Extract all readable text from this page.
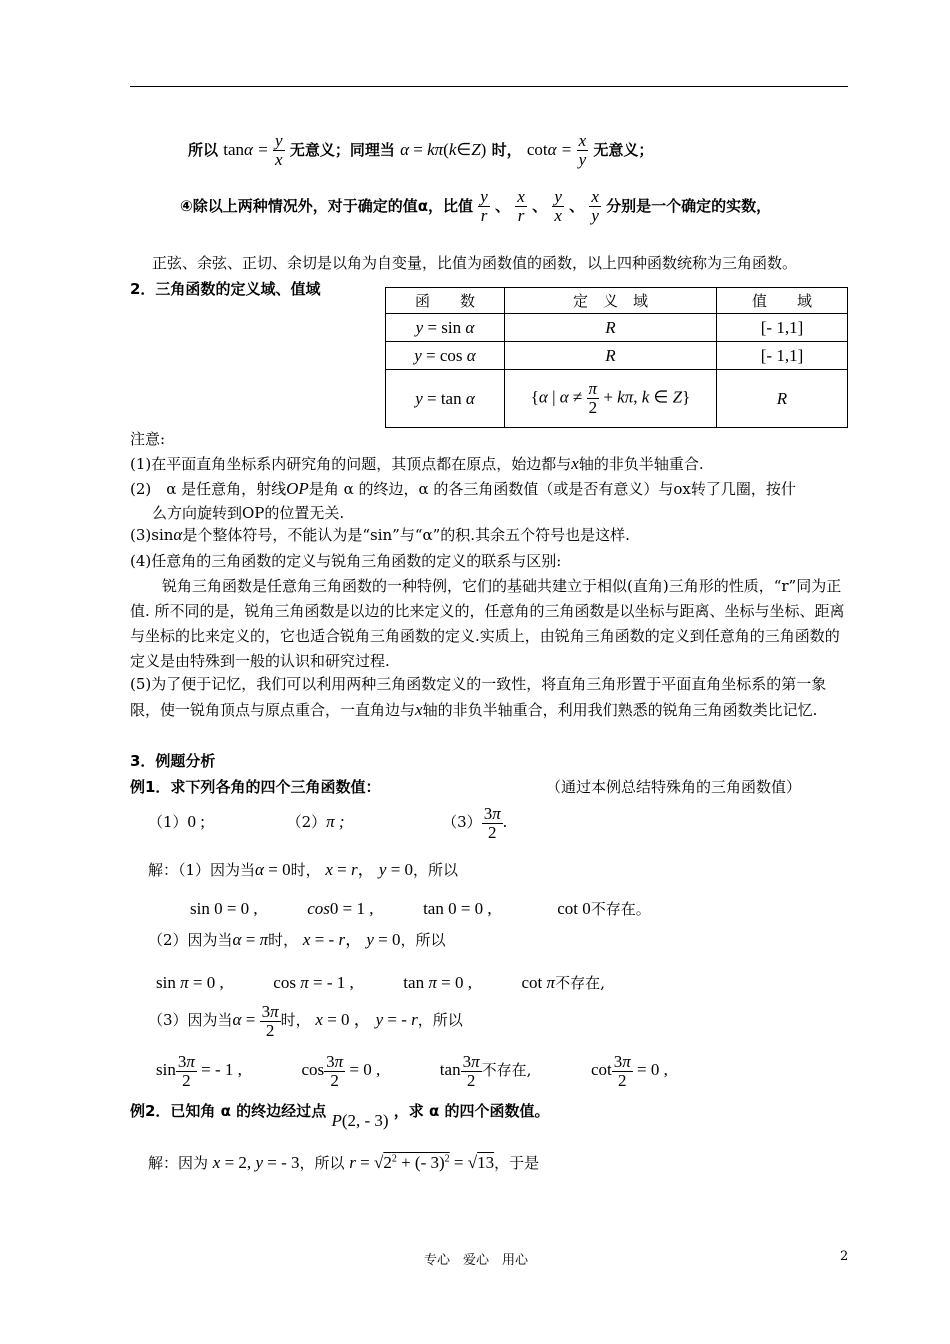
所以 $\tan\alpha = \frac{y}{x}$ 无意义；同理当 α = kπ(k∈Z) 时， $\cot\alpha = \frac{x}{y}$ 无意义；
④除以上两种情况外，对于确定的值α，比值 $\frac{y}{r}$ 、 $\frac{x}{r}$ 、 $\frac{y}{x}$ 、 $\frac{x}{y}$ 分别是一个确定的实数，
正弦、余弦、正切、余切是以角为自变量，比值为函数值的函数，以上四种函数统称为三角函数。
2．三角函数的定义域、值域
函　　数	定　义　域	值　　域
y = sin α	R	[- 1,1]
y = cos α	R	[- 1,1]
y = tan α	{α | $\alpha \ne \frac{\pi}{2} + k\pi$, k ∈ Z}	R
注意:
(1)在平面直角坐标系内研究角的问题，其顶点都在原点，始边都与x轴的非负半轴重合.
(2)　α 是任意角，射线OP是角 α 的终边，α 的各三角函数值（或是否有意义）与ox转了几圈，按什
么方向旋转到OP的位置无关.
(3)sinα是个整体符号，不能认为是“sin”与“α”的积.其余五个符号也是这样.
(4)任意角的三角函数的定义与锐角三角函数的定义的联系与区别:
锐角三角函数是任意角三角函数的一种特例，它们的基础共建立于相似(直角)三角形的性质，“r”同为正值. 所不同的是，锐角三角函数是以边的比来定义的，任意角的三角函数是以坐标与距离、坐标与坐标、距离与坐标的比来定义的，它也适合锐角三角函数的定义.实质上，由锐角三角函数的定义到任意角的三角函数的定义是由特殊到一般的认识和研究过程.
(5)为了便于记忆，我们可以利用两种三角函数定义的一致性，将直角三角形置于平面直角坐标系的第一象限，使一锐角顶点与原点重合，一直角边与x轴的非负半轴重合，利用我们熟悉的锐角三角函数类比记忆.
3．例题分析
例1．求下列各角的四个三角函数值：	（通过本例总结特殊角的三角函数值）
（1）0 ;	（2）π ;	$(3) \frac{3\pi}{2}$ .
解：（1）因为当α = 0时， x = r， y = 0，所以
sin 0 = 0 ,	cos0 = 1 ,	tan 0 = 0 ,	cot 0不存在。
（2）因为当α = π时， x = - r， y = 0，所以
sin π = 0 ,	cos π = - 1 ,	tan π = 0 ,	cot π不存在,
（3）因为当$\alpha = \frac{3\pi}{2}$ 时， x = 0 ， y = - r，所以
$\sin \frac{3\pi}{2}$ = - 1 ,	$\cos \frac{3\pi}{2} = 0$ ,	$\tan \frac{3\pi}{2}$ 不存在,	$\cot \frac{3\pi}{2} = 0$ ,
例2．已知角 α 的终边经过点 P(2, - 3) ，求 α 的四个函数值。
解：因为 x = 2, y = - 3，所以 $r = √2^2$ + (- 3)$^2$ = √13，于是
专心　爱心　用心	2
